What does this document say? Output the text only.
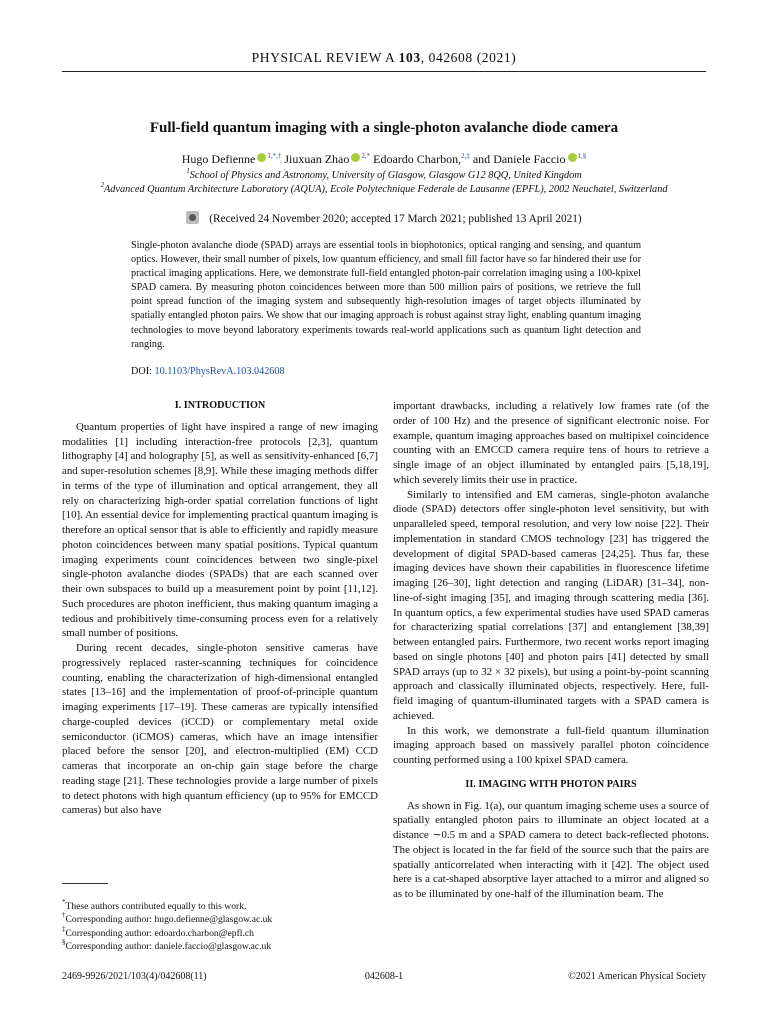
PHYSICAL REVIEW A 103, 042608 (2021)
Full-field quantum imaging with a single-photon avalanche diode camera
Hugo Defienne $^{1,*,\dagger}$ Jiuxuan Zhao $^{2,*}$ Edoardo Charbon,$^{2,\ddagger}$ and Daniele Faccio $^{1,\S}$
$^1$School of Physics and Astronomy, University of Glasgow, Glasgow G12 8QQ, United Kingdom
$^2$Advanced Quantum Architecture Laboratory (AQUA), Ecole Polytechnique Federale de Lausanne (EPFL), 2002 Neuchatel, Switzerland
(Received 24 November 2020; accepted 17 March 2021; published 13 April 2021)
Single-photon avalanche diode (SPAD) arrays are essential tools in biophotonics, optical ranging and sensing, and quantum optics. However, their small number of pixels, low quantum efficiency, and small fill factor have so far hindered their use for practical imaging applications. Here, we demonstrate full-field entangled photon-pair correlation imaging using a 100-kpixel SPAD camera. By measuring photon coincidences between more than 500 million pairs of positions, we retrieve the full point spread function of the imaging system and subsequently high-resolution images of target objects illuminated by spatially entangled photon pairs. We show that our imaging approach is robust against stray light, enabling quantum imaging technologies to move beyond laboratory experiments towards real-world applications such as quantum light detection and ranging.
DOI: 10.1103/PhysRevA.103.042608
I. INTRODUCTION

Quantum properties of light have inspired a range of new imaging modalities [1] including interaction-free protocols [2,3], quantum lithography [4] and holography [5], as well as sensitivity-enhanced [6,7] and super-resolution schemes [8,9]. While these imaging methods differ in terms of the type of illumination and optical arrangement, they all rely on characterizing high-order spatial correlation functions of light [10]. An essential device for implementing practical quantum imaging is therefore an optical sensor that is able to efficiently and rapidly measure photon coincidences between many spatial positions. Typical quantum imaging experiments count coincidences between two single-pixel single-photon avalanche diodes (SPADs) that are each scanned over their own subspaces to build up a measurement point by point [11,12]. Such procedures are photon inefficient, thus making quantum imaging a tedious and prohibitively time-consuming process even for a relatively small number of positions.

During recent decades, single-photon sensitive cameras have progressively replaced raster-scanning techniques for coincidence counting, enabling the characterization of high-dimensional entangled states [13–16] and the implementation of proof-of-principle quantum imaging experiments [17–19]. These cameras are typically intensified charge-coupled devices (iCCD) or complementary metal oxide semiconductor (iCMOS) cameras, which have an image intensifier placed before the sensor [20], and electron-multiplied (EM) CCD cameras that incorporate an on-chip gain stage before the charge reading stage [21]. These technologies provide a large number of pixels to detect photons with high quantum efficiency (up to 95% for EMCCD cameras) but also have

important drawbacks, including a relatively low frames rate (of the order of 100 Hz) and the presence of significant electronic noise. For example, quantum imaging approaches based on multipixel coincidence counting with an EMCCD camera require tens of hours to retrieve a single image of an object illuminated by entangled pairs [5,18,19], which severely limits their use in practice.

Similarly to intensified and EM cameras, single-photon avalanche diode (SPAD) detectors offer single-photon level sensitivity, but with unparalleled speed, temporal resolution, and very low noise [22]. Their implementation in standard CMOS technology [23] has triggered the development of digital SPAD-based cameras [24,25]. Thus far, these imaging devices have shown their capabilities in fluorescence lifetime imaging [26–30], light detection and ranging (LiDAR) [31–34], non-line-of-sight imaging [35], and imaging through scattering media [36]. In quantum optics, a few experimental studies have used SPAD cameras for characterizing spatial correlations [37] and entanglement [38,39] between entangled pairs. Furthermore, two recent works report imaging based on single photons [40] and photon pairs [41] detected by small SPAD arrays (up to 32 × 32 pixels), but using a point-by-point scanning approach and classically illuminated objects, respectively. Here, full-field imaging of quantum-illuminated targets with a SPAD camera is achieved.

In this work, we demonstrate a full-field quantum illumination imaging approach based on massively parallel photon coincidence counting performed using a 100 kpixel SPAD camera.

II. IMAGING WITH PHOTON PAIRS

As shown in Fig. 1(a), our quantum imaging scheme uses a source of spatially entangled photon pairs to illuminate an object located at a distance ∼0.5 m and a SPAD camera to detect back-reflected photons. The object is located in the far field of the source such that the pairs are spatially anticorrelated when interacting with it [42]. The object used here is a cat-shaped absorptive layer attached to a mirror and aligned so as to be illuminated by one-half of the illumination beam. The

*These authors contributed equally to this work.
†Corresponding author: hugo.defienne@glasgow.ac.uk
‡Corresponding author: edoardo.charbon@epfl.ch
§Corresponding author: daniele.faccio@glasgow.ac.uk
2469-9926/2021/103(4)/042608(11)	042608-1	©2021 American Physical Society
